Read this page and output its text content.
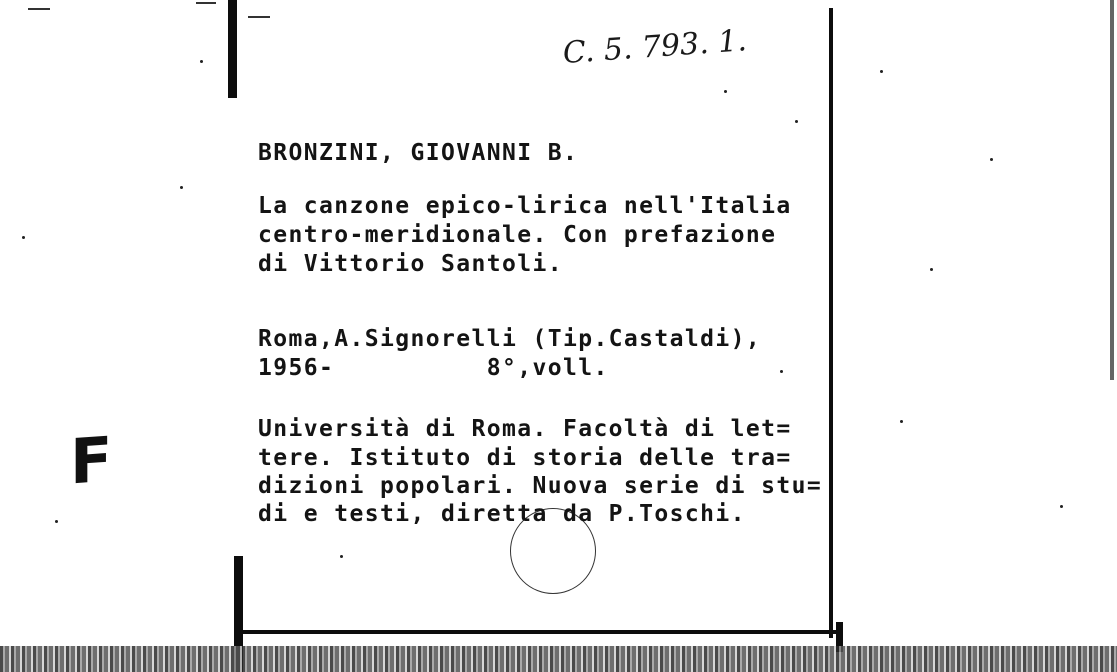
C. 5. 793. 1.
BRONZINI, GIOVANNI B.
La canzone epico-lirica nell'Italia
centro-meridionale. Con prefazione
di Vittorio Santoli.
Roma,A.Signorelli (Tip.Castaldi),
1956-          8°,voll.
Università di Roma. Facoltà di let=
tere. Istituto di storia delle tra=
dizioni popolari. Nuova serie di stu=
di e testi, diretta da P.Toschi.
F
